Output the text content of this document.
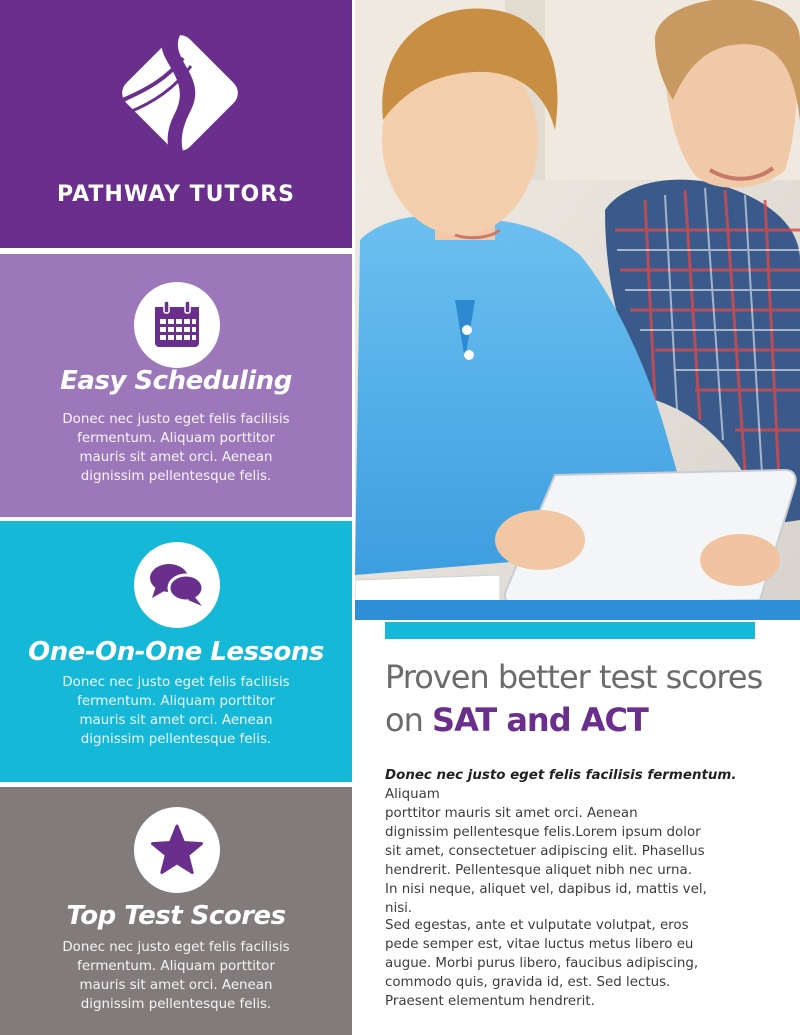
PATHWAY TUTORS
Easy Scheduling
Donec nec justo eget felis facilisis
fermentum. Aliquam porttitor
mauris sit amet orci. Aenean
dignissim pellentesque felis.
One-On-One Lessons
Donec nec justo eget felis facilisis
fermentum. Aliquam porttitor
mauris sit amet orci. Aenean
dignissim pellentesque felis.
Top Test Scores
Donec nec justo eget felis facilisis
fermentum. Aliquam porttitor
mauris sit amet orci. Aenean
dignissim pellentesque felis.
Proven better test scores
on SAT and ACT
Donec nec justo eget felis facilisis fermentum. Aliquam
porttitor mauris sit amet orci. Aenean
dignissim pellentesque felis.Lorem ipsum dolor
sit amet, consectetuer adipiscing elit. Phasellus
hendrerit. Pellentesque aliquet nibh nec urna.
In nisi neque, aliquet vel, dapibus id, mattis vel,
nisi.
Sed egestas, ante et vulputate volutpat, eros
pede semper est, vitae luctus metus libero eu
augue. Morbi purus libero, faucibus adipiscing,
commodo quis, gravida id, est. Sed lectus.
Praesent elementum hendrerit.
